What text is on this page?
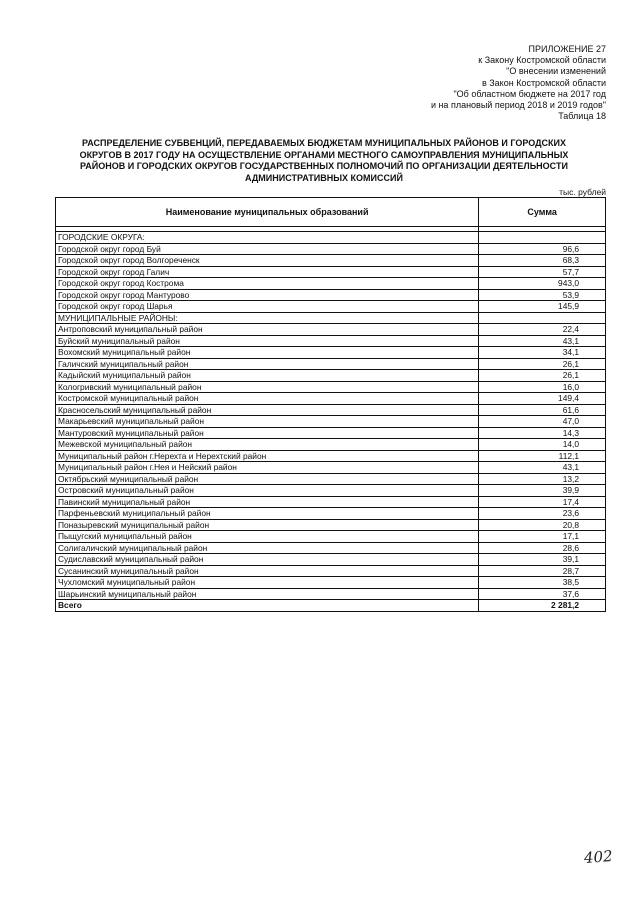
ПРИЛОЖЕНИЕ 27
к Закону Костромской области
"О внесении изменений
в Закон Костромской области
"Об областном бюджете на 2017 год
и на плановый период 2018 и 2019 годов"
Таблица 18
РАСПРЕДЕЛЕНИЕ СУБВЕНЦИЙ, ПЕРЕДАВАЕМЫХ БЮДЖЕТАМ МУНИЦИПАЛЬНЫХ РАЙОНОВ И ГОРОДСКИХ
ОКРУГОВ В 2017 ГОДУ НА ОСУЩЕСТВЛЕНИЕ ОРГАНАМИ МЕСТНОГО САМОУПРАВЛЕНИЯ МУНИЦИПАЛЬНЫХ
РАЙОНОВ И ГОРОДСКИХ ОКРУГОВ ГОСУДАРСТВЕННЫХ ПОЛНОМОЧИЙ ПО ОРГАНИЗАЦИИ ДЕЯТЕЛЬНОСТИ
АДМИНИСТРАТИВНЫХ КОМИССИЙ
тыс. рублей
Наименование муниципальных образований	Сумма

ГОРОДСКИЕ ОКРУГА:	
Городской округ город Буй	96,6
Городской округ город Волгореченск	68,3
Городской округ город Галич	57,7
Городской округ город Кострома	943,0
Городской округ город Мантурово	53,9
Городской округ город Шарья	145,9
МУНИЦИПАЛЬНЫЕ РАЙОНЫ:	
Антроповский муниципальный район	22,4
Буйский муниципальный район	43,1
Вохомский муниципальный район	34,1
Галичский муниципальный район	26,1
Кадыйский муниципальный район	26,1
Кологривский муниципальный район	16,0
Костромской муниципальный район	149,4
Красносельский муниципальный район	61,6
Макарьевский муниципальный район	47,0
Мантуровский муниципальный район	14,3
Межевской муниципальный район	14,0
Муниципальный район г.Нерехта и Нерехтский район	112,1
Муниципальный район г.Нея и Нейский район	43,1
Октябрьский муниципальный район	13,2
Островский муниципальный район	39,9
Павинский муниципальный район	17,4
Парфеньевский муниципальный район	23,6
Поназыревский муниципальный район	20,8
Пыщугский муниципальный район	17,1
Солигаличский муниципальный район	28,6
Судиславский муниципальный район	39,1
Сусанинский муниципальный район	28,7
Чухломский муниципальный район	38,5
Шарьинский муниципальный район	37,6
Всего	2 281,2
402
